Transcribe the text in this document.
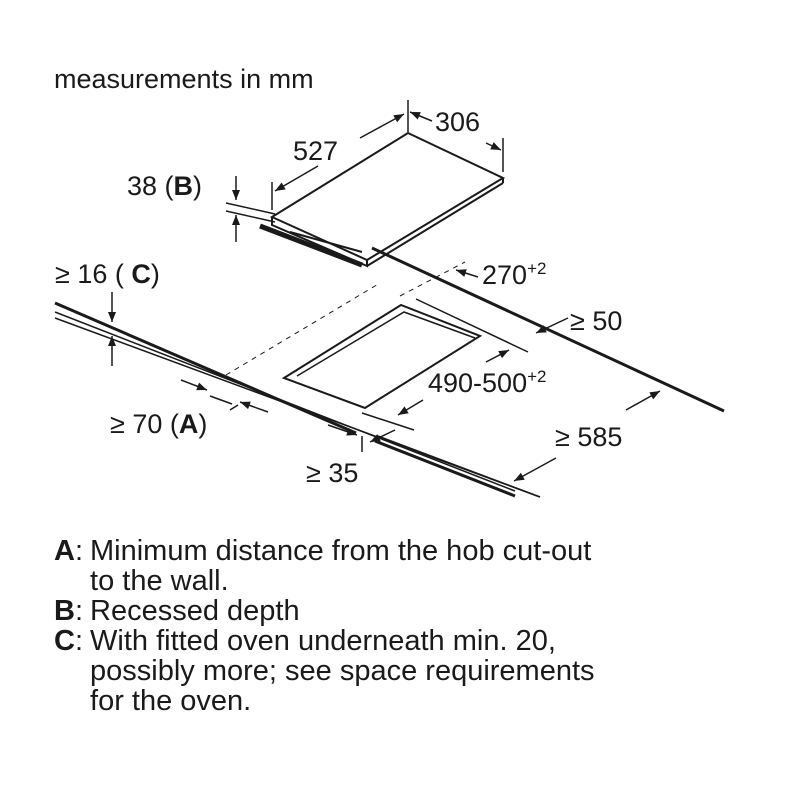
measurements in mm
306
527
38 (B)
$270^{+2}$
≥ 50
$490-500^{+2}$
≥ 585
≥ 16 ( C)
≥ 70 (A)
≥ 35
A : Minimum distance from the hob cut-out
to the wall.
B : Recessed depth
C : With fitted oven underneath min. 20,
possibly more; see space requirements
for the oven.
